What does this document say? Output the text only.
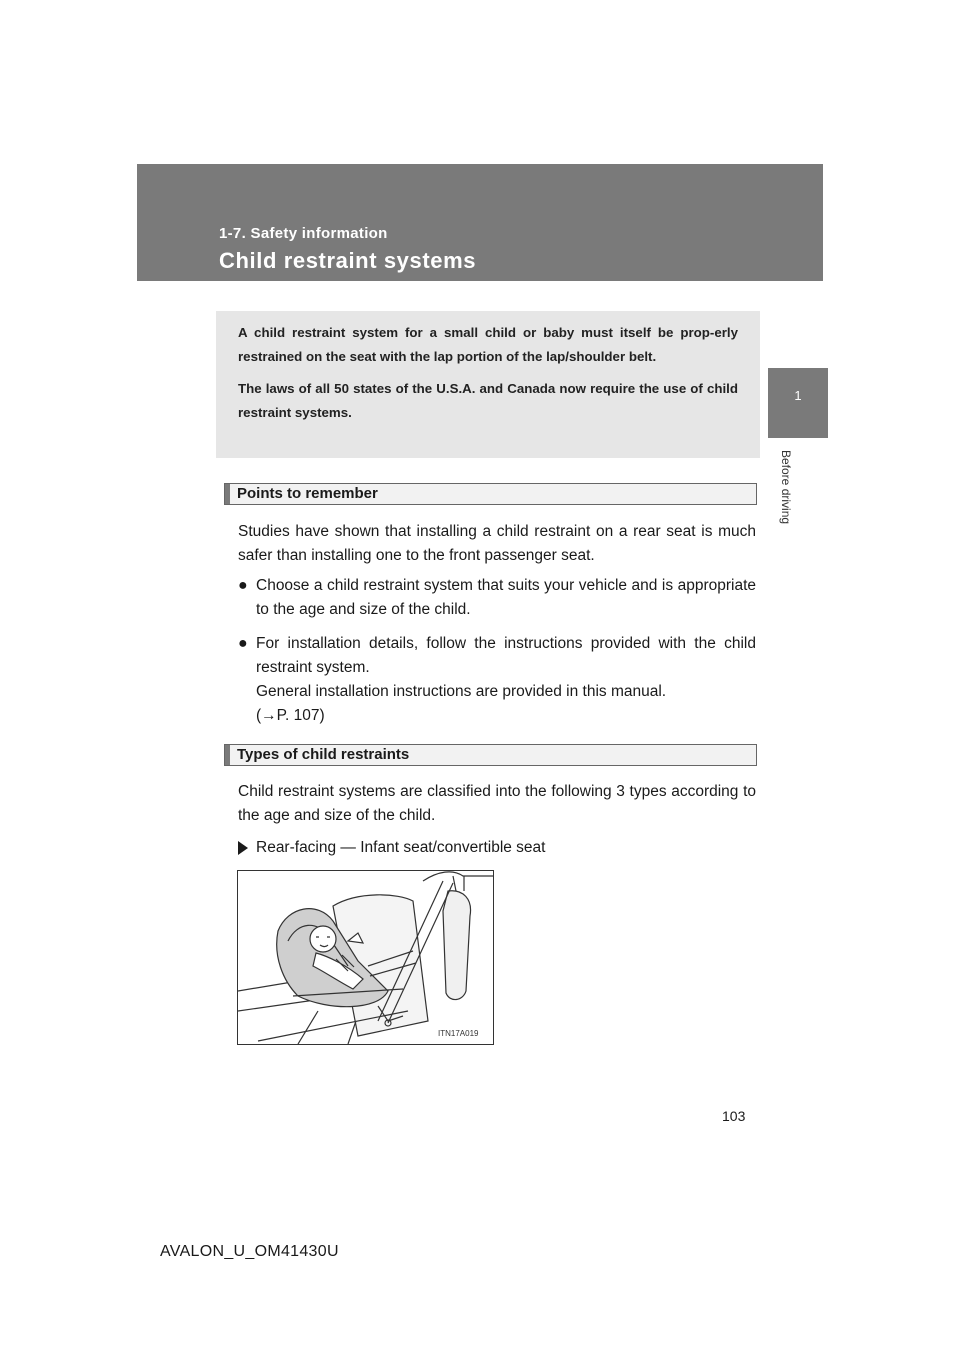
1-7. Safety information
Child restraint systems
1
Before driving

A child restraint system for a small child or baby must itself be prop-erly restrained on the seat with the lap portion of the lap/shoulder belt.

The laws of all 50 states of the U.S.A. and Canada now require the use of child restraint systems.

Points to remember
Studies have shown that installing a child restraint on a rear seat is much safer than installing one to the front passenger seat.
● Choose a child restraint system that suits your vehicle and is appropriate to the age and size of the child.
● For installation details, follow the instructions provided with the child restraint system.
General installation instructions are provided in this manual.
(→P. 107)
Types of child restraints
Child restraint systems are classified into the following 3 types according to the age and size of the child.
Rear-facing — Infant seat/convertible seat
ITN17A019
103
AVALON_U_OM41430U
